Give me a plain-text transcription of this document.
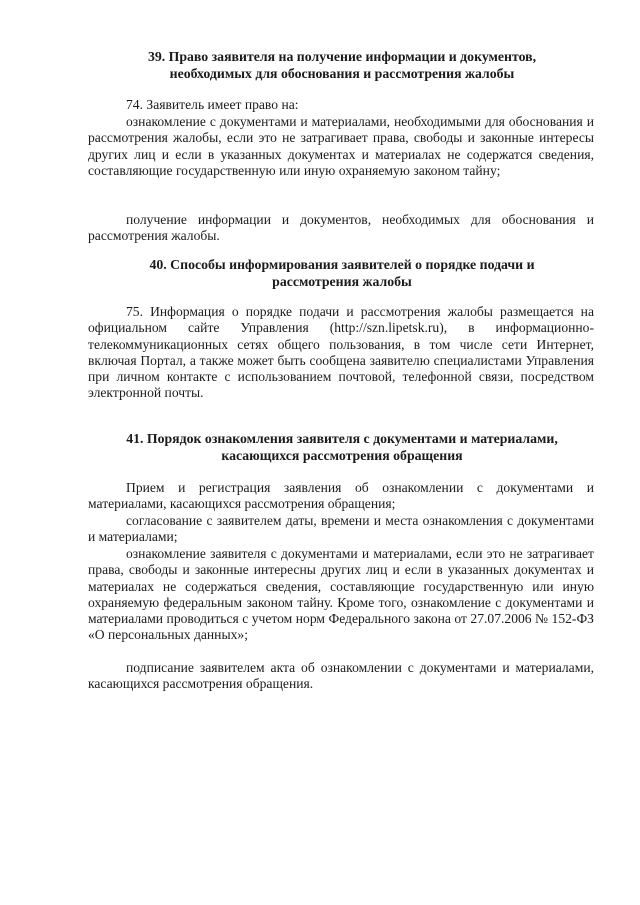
39. Право заявителя на получение информации и документов,
необходимых для обоснования и рассмотрения жалобы
74. Заявитель имеет право на:
ознакомление с документами и материалами, необходимыми для обоснования и рассмотрения жалобы, если это не затрагивает права, свободы и законные интересы других лиц и если в указанных документах и материалах не содержатся сведения, составляющие государственную или иную охраняемую законом тайну;
получение информации и документов, необходимых для обоснования и рассмотрения жалобы.
40. Способы информирования заявителей о порядке подачи и
рассмотрения жалобы
75. Информация о порядке подачи и рассмотрения жалобы размещается на официальном сайте Управления (http://szn.lipetsk.ru), в информационно-телекоммуникационных сетях общего пользования, в том числе сети Интернет, включая Портал, а также может быть сообщена заявителю специалистами Управления при личном контакте с использованием почтовой, телефонной связи, посредством электронной почты.
41. Порядок ознакомления заявителя с документами и материалами,
касающихся рассмотрения обращения
Прием и регистрация заявления об ознакомлении с документами и материалами, касающихся рассмотрения обращения;
согласование с заявителем даты, времени и места ознакомления с документами и материалами;
ознакомление заявителя с документами и материалами, если это не затрагивает права, свободы и законные интересны других лиц и если в указанных документах и материалах не содержаться сведения, составляющие государственную или иную охраняемую федеральным законом тайну. Кроме того, ознакомление с документами и материалами проводиться с учетом норм Федерального закона от 27.07.2006 № 152-ФЗ «О персональных данных»;
подписание заявителем акта об ознакомлении с документами и материалами, касающихся рассмотрения обращения.
